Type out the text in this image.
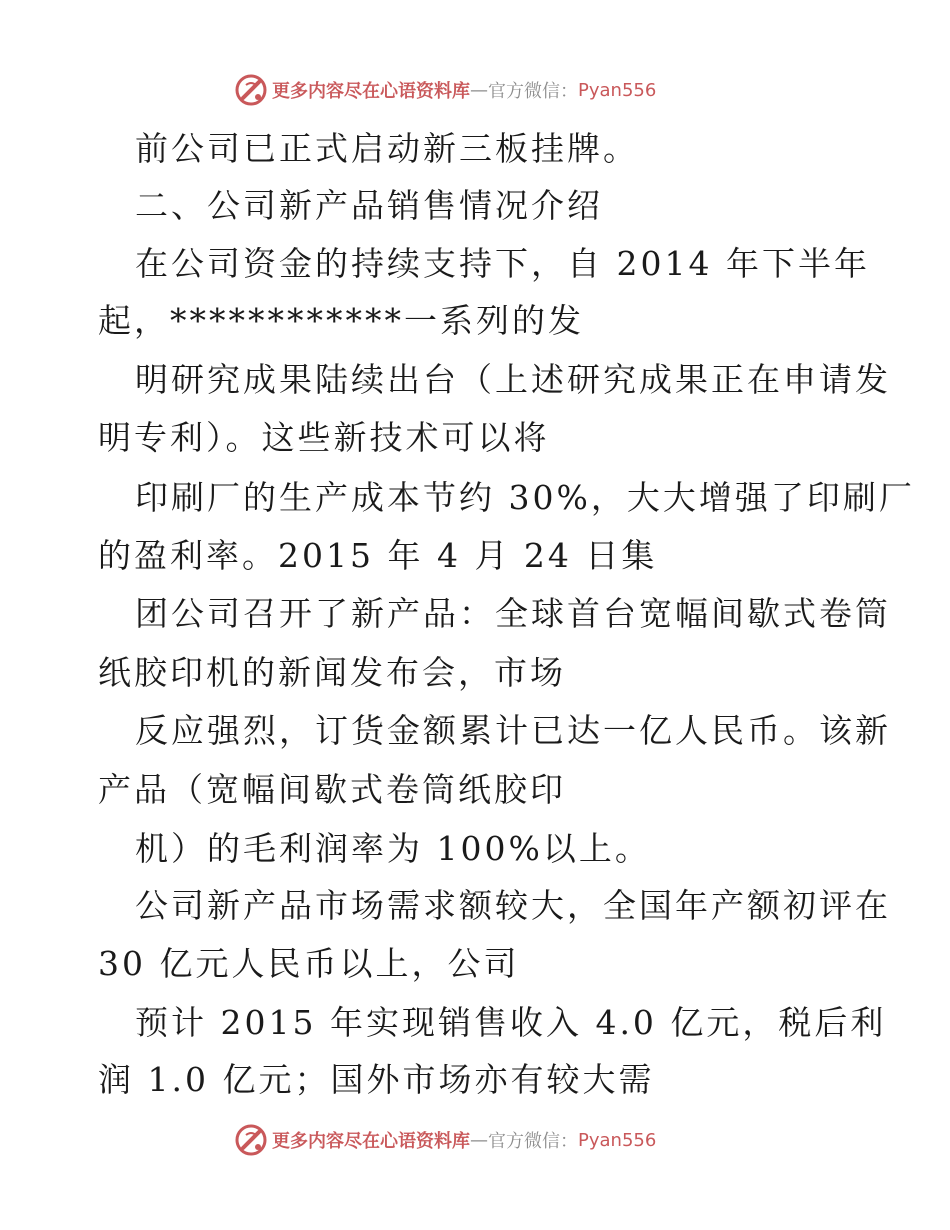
更多内容尽在心语资料库 — 官方微信： Pyan556
前公司已正式启动新三板挂牌。
二、公司新产品销售情况介绍
在公司资金的持续支持下，自 2014 年下半年
起，************一系列的发
明研究成果陆续出台（上述研究成果正在申请发
明专利）。这些新技术可以将
印刷厂的生产成本节约 30%，大大增强了印刷厂
的盈利率。2015 年 4 月 24 日集
团公司召开了新产品：全球首台宽幅间歇式卷筒
纸胶印机的新闻发布会，市场
反应强烈，订货金额累计已达一亿人民币。该新
产品（宽幅间歇式卷筒纸胶印
机）的毛利润率为 100%以上。
公司新产品市场需求额较大，全国年产额初评在
30 亿元人民币以上，公司
预计 2015 年实现销售收入 4.0 亿元，税后利
润 1.0 亿元；国外市场亦有较大需
更多内容尽在心语资料库 — 官方微信： Pyan556
